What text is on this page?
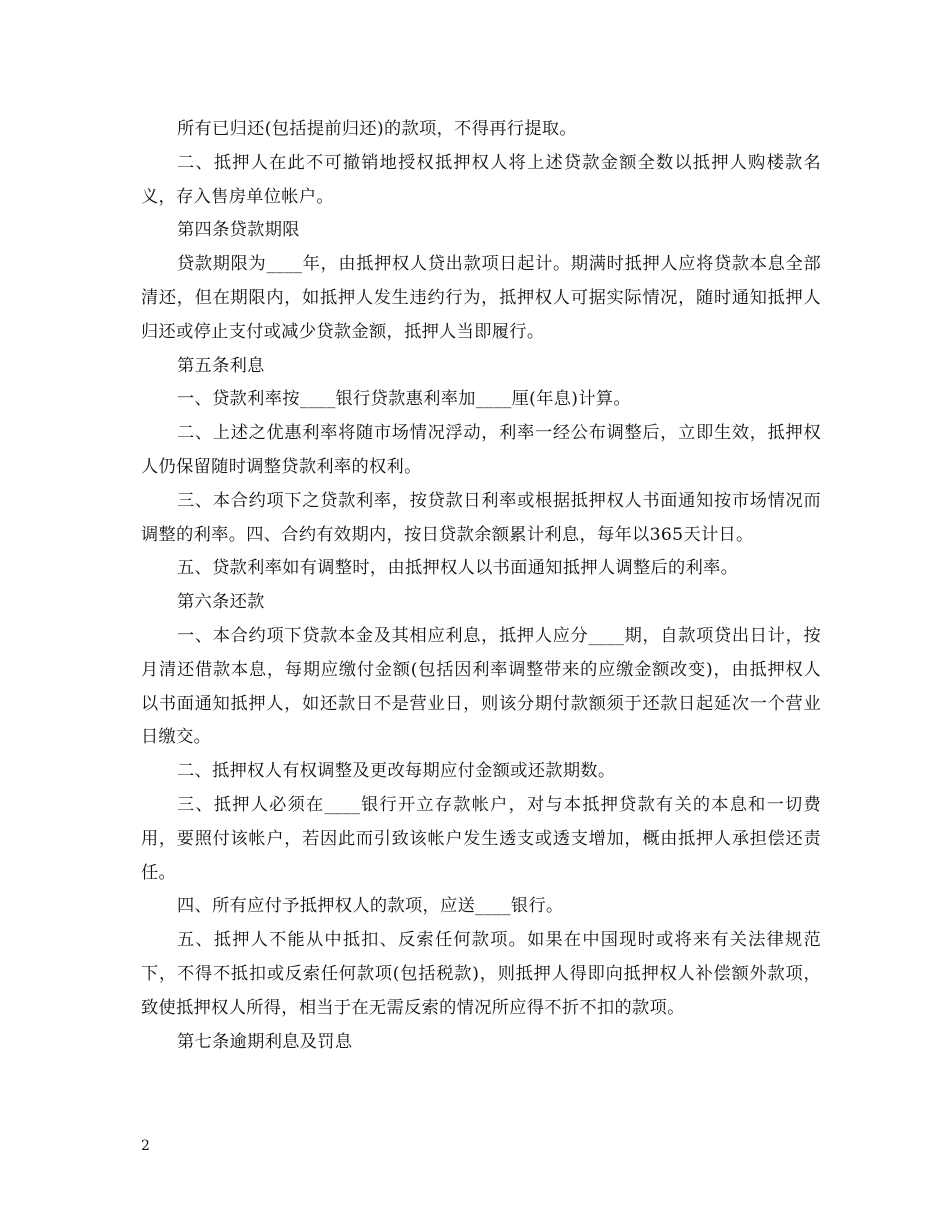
所有已归还(包括提前归还)的款项，不得再行提取。

二、抵押人在此不可撤销地授权抵押权人将上述贷款金额全数以抵押人购楼款名义，存入售房单位帐户。

第四条贷款期限

贷款期限为____年，由抵押权人贷出款项日起计。期满时抵押人应将贷款本息全部清还，但在期限内，如抵押人发生违约行为，抵押权人可据实际情况，随时通知抵押人归还或停止支付或减少贷款金额，抵押人当即履行。

第五条利息

一、贷款利率按____银行贷款惠利率加____厘(年息)计算。

二、上述之优惠利率将随市场情况浮动，利率一经公布调整后，立即生效，抵押权人仍保留随时调整贷款利率的权利。

三、本合约项下之贷款利率，按贷款日利率或根据抵押权人书面通知按市场情况而调整的利率。四、合约有效期内，按日贷款余额累计利息，每年以365天计日。

五、贷款利率如有调整时，由抵押权人以书面通知抵押人调整后的利率。

第六条还款

一、本合约项下贷款本金及其相应利息，抵押人应分____期，自款项贷出日计，按月清还借款本息，每期应缴付金额(包括因利率调整带来的应缴金额改变)，由抵押权人以书面通知抵押人，如还款日不是营业日，则该分期付款额须于还款日起延次一个营业日缴交。

二、抵押权人有权调整及更改每期应付金额或还款期数。

三、抵押人必须在____银行开立存款帐户，对与本抵押贷款有关的本息和一切费用，要照付该帐户，若因此而引致该帐户发生透支或透支增加，概由抵押人承担偿还责任。

四、所有应付予抵押权人的款项，应送____银行。

五、抵押人不能从中抵扣、反索任何款项。如果在中国现时或将来有关法律规范下，不得不抵扣或反索任何款项(包括税款)，则抵押人得即向抵押权人补偿额外款项，致使抵押权人所得，相当于在无需反索的情况所应得不折不扣的款项。

第七条逾期利息及罚息

2
